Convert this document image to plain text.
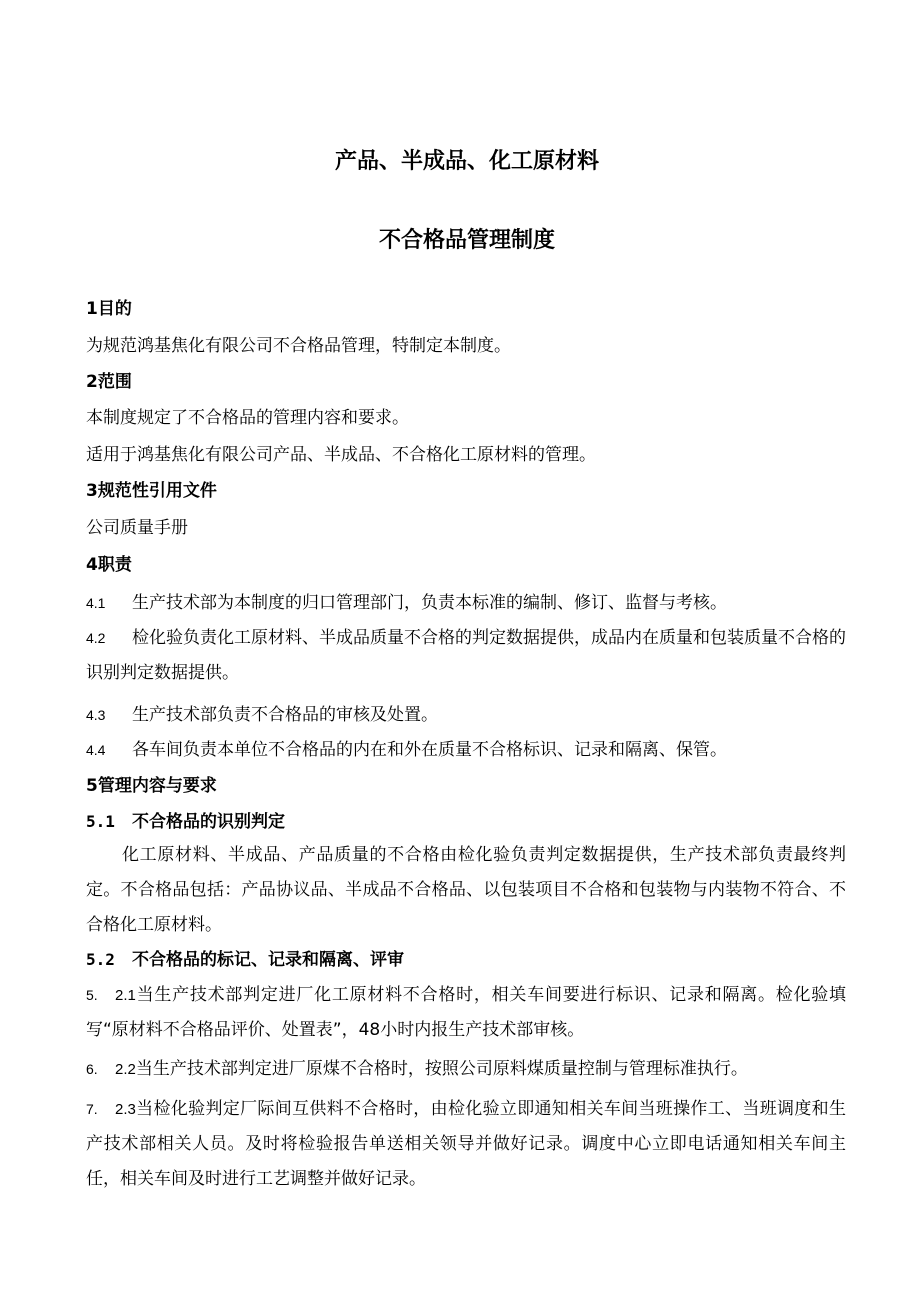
产品、半成品、化工原材料
不合格品管理制度
1目的
为规范鸿基焦化有限公司不合格品管理，特制定本制度。
2范围
本制度规定了不合格品的管理内容和要求。
适用于鸿基焦化有限公司产品、半成品、不合格化工原材料的管理。
3规范性引用文件
公司质量手册
4职责
4.1 生产技术部为本制度的归口管理部门，负责本标准的编制、修订、监督与考核。
4.2 检化验负责化工原材料、半成品质量不合格的判定数据提供，成品内在质量和包装质量不合格的识别判定数据提供。
4.3 生产技术部负责不合格品的审核及处置。
4.4 各车间负责本单位不合格品的内在和外在质量不合格标识、记录和隔离、保管。
5管理内容与要求
5.1 不合格品的识别判定
化工原材料、半成品、产品质量的不合格由检化验负责判定数据提供，生产技术部负责最终判定。不合格品包括：产品协议品、半成品不合格品、以包装项目不合格和包装物与内装物不符合、不合格化工原材料。
5.2 不合格品的标记、记录和隔离、评审
5. 2.1当生产技术部判定进厂化工原材料不合格时，相关车间要进行标识、记录和隔离。检化验填写“原材料不合格品评价、处置表”，48小时内报生产技术部审核。
6. 2.2当生产技术部判定进厂原煤不合格时，按照公司原料煤质量控制与管理标准执行。
7. 2.3当检化验判定厂际间互供料不合格时，由检化验立即通知相关车间当班操作工、当班调度和生产技术部相关人员。及时将检验报告单送相关领导并做好记录。调度中心立即电话通知相关车间主任，相关车间及时进行工艺调整并做好记录。
